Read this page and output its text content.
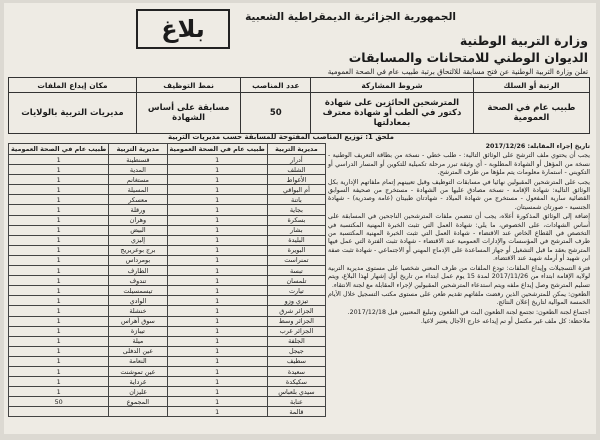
الجمهورية الجزائرية الديمقراطية الشعبية
بلاغ	وزارة التربية الوطنية
الديوان الوطني للامتحانات والمسابقات
تعلن وزارة التربية الوطنية عن فتح مسابقة للالتحاق برتبة طبيب عام في الصحة العمومية
الرتبة أو السلك	شروط المشاركة	عدد المناصب	نمط التوظيف	مكان إيداع الملفات
طبيب عام في الصحة العمومية	المترشحين الحائزين على شهادة دكتور في الطب أو شهادة معترف بمعادلتها	50	مسابقة على أساس الشهادة	مديريات التربية بالولايات
ملحق 1: توزيع المناصب المفتوحة للمسابقة حسب مديريات التربية
مديرية التربية	طبيب عام في الصحة العمومية	مديرية التربية	طبيب عام في الصحة العمومية
أدرار	1	قسنطينة	1
الشلف	1	المدية	1
الأغواط	1	مستغانم	1
أم البواقي	1	المسيلة	1
باتنة	1	معسكر	1
بجاية	1	ورقلة	1
بسكرة	1	وهران	1
بشار	1	البيض	1
البليدة	1	إليزي	1
البويرة	1	برج بوعريريج	1
تمنراست	1	بومرداس	1
تبسة	1	الطارف	1
تلمسان	1	تندوف	1
تيارت	1	تيسمسيلت	1
تيزي وزو	1	الوادي	1
الجزائر شرق	1	خنشلة	1
الجزائر وسط	1	سوق أهراس	1
الجزائر غرب	1	تيبازة	1
الجلفة	1	ميلة	1
جيجل	1	عين الدفلى	1
سطيف	1	النعامة	1
سعيدة	1	عين تموشنت	1
سكيكدة	1	غرداية	1
سيدي بلعباس	1	غليزان	1
عنابة	1	المجموع	50
قالمة	1		

تاريخ إجراء المقابلة: 2017/12/26

يجب أن يحتوي ملف الترشح على الوثائق التالية: - طلب خطي - نسخة من بطاقة التعريف الوطنية - نسخة من المؤهل أو الشهادة المطلوبة - أي وثيقة تبرر مرحلة تكميلية للتكوين أو المسار الدراسي أو التكويني - استمارة معلومات يتم ملؤها من طرف المترشح.

يجب على المترشحين المقبولين نهائيا في مسابقات التوظيف وقبل تعيينهم إتمام ملفاتهم الإدارية بكل الوثائق التالية: شهادة الإقامة - نسخة مصادق عليها من الشهادة - مستخرج من صحيفة السوابق القضائية سارية المفعول - مستخرج من شهادة الميلاد - شهادتان طبيتان (عامة وصدرية) - شهادة الجنسية - صورتان شمسيتان.

إضافة إلى الوثائق المذكورة أعلاه، يجب أن تتضمن ملفات المترشحين الناجحين في المسابقة على أساس الشهادات، على الخصوص، ما يلي: شهادة العمل التي تثبت الخبرة المهنية المكتسبة في التخصص في القطاع الخاص عند الاقتضاء - شهادة العمل التي تثبت الخبرة المهنية المكتسبة من طرف المترشح في المؤسسات والإدارات العمومية عند الاقتضاء - شهادة تثبت الفترة التي عمل فيها المترشح بعقد ما قبل التشغيل أو جهاز المساعدة على الإدماج المهني أو الاجتماعي - شهادة تثبت صفة ابن شهيد أو أرملة شهيد عند الاقتضاء.

فترة التسجيلات وإيداع الملفات: تودع الملفات من طرف المعني شخصيا على مستوى مديرية التربية لولاية الإقامة ابتداء من 2017/11/26 لمدة 15 يوم عمل ابتداء من تاريخ أول إشهار لهذا البلاغ، ويتم تسليم المترشح وصل إيداع ملفه ويتم استدعاء المترشحين المقبولين لإجراء المقابلة مع لجنة الانتقاء.

الطعون: يمكن للمترشحين الذين رفضت ملفاتهم تقديم طعن على مستوى مكتب التسجيل خلال الأيام الخمسة الموالية لتاريخ إعلان النتائج.

اجتماع لجنة الطعون: تجتمع لجنة الطعون البت في الطعون وتبليغ المعنيين قبل 2017/12/18.

ملاحظة: كل ملف غير مكتمل أو تم إيداعه خارج الآجال يعتبر لاغيا.
